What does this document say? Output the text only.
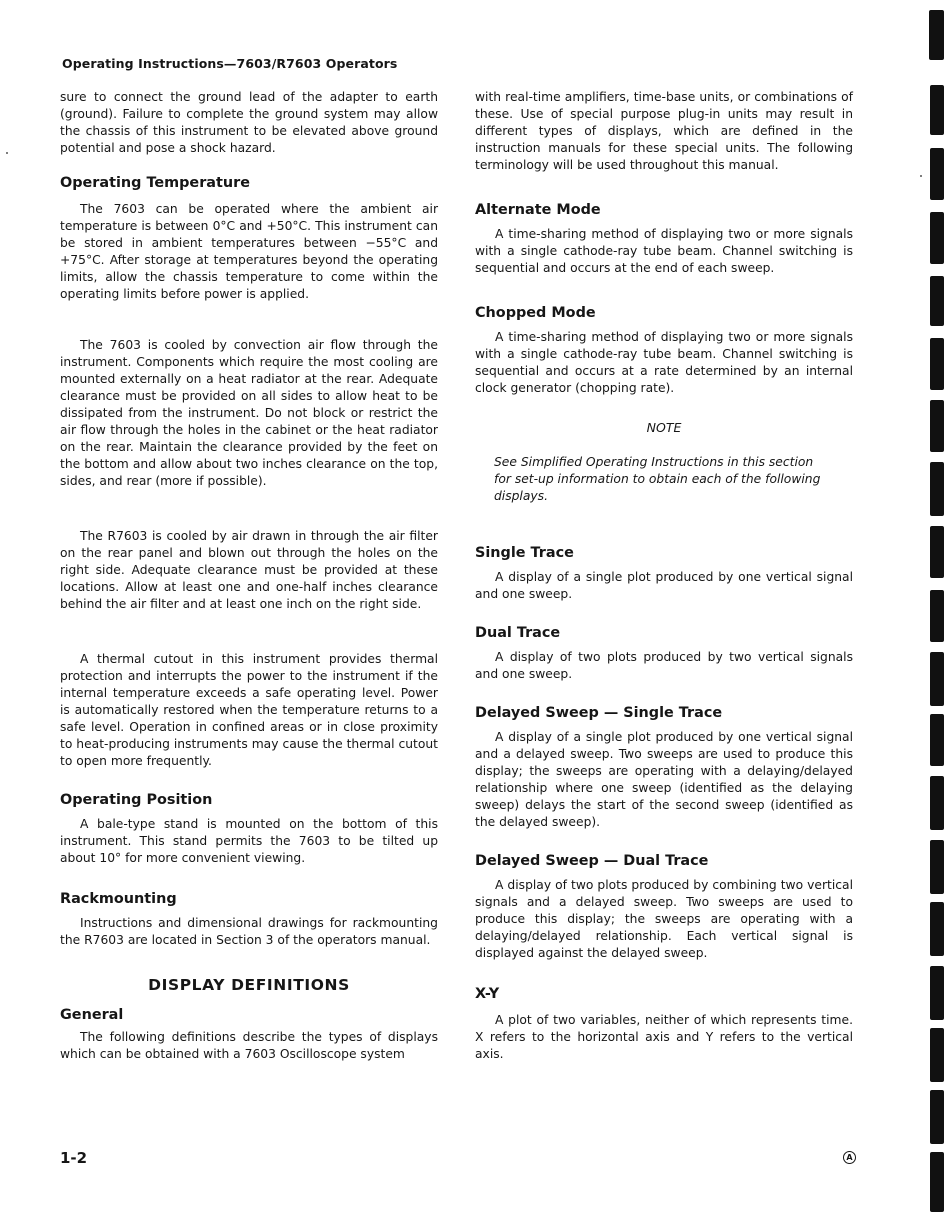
Operating Instructions—7603/R7603 Operators

sure to connect the ground lead of the adapter to earth (ground). Failure to complete the ground system may allow the chassis of this instrument to be elevated above ground potential and pose a shock hazard.

Operating Temperature

The 7603 can be operated where the ambient air temperature is between 0°C and +50°C. This instrument can be stored in ambient temperatures between −55°C and +75°C. After storage at temperatures beyond the operating limits, allow the chassis temperature to come within the operating limits before power is applied.

The 7603 is cooled by convection air flow through the instrument. Components which require the most cooling are mounted externally on a heat radiator at the rear. Adequate clearance must be provided on all sides to allow heat to be dissipated from the instrument. Do not block or restrict the air flow through the holes in the cabinet or the heat radiator on the rear. Maintain the clearance provided by the feet on the bottom and allow about two inches clearance on the top, sides, and rear (more if possible).

The R7603 is cooled by air drawn in through the air filter on the rear panel and blown out through the holes on the right side. Adequate clearance must be provided at these locations. Allow at least one and one-half inches clearance behind the air filter and at least one inch on the right side.

A thermal cutout in this instrument provides thermal protection and interrupts the power to the instrument if the internal temperature exceeds a safe operating level. Power is automatically restored when the temperature returns to a safe level. Operation in confined areas or in close proximity to heat-producing instruments may cause the thermal cutout to open more frequently.

Operating Position

A bale-type stand is mounted on the bottom of this instrument. This stand permits the 7603 to be tilted up about 10° for more convenient viewing.

Rackmounting

Instructions and dimensional drawings for rackmounting the R7603 are located in Section 3 of the operators manual.

DISPLAY DEFINITIONS
General

The following definitions describe the types of displays which can be obtained with a 7603 Oscilloscope system

with real-time amplifiers, time-base units, or combinations of these. Use of special purpose plug-in units may result in different types of displays, which are defined in the instruction manuals for these special units. The following terminology will be used throughout this manual.

Alternate Mode

A time-sharing method of displaying two or more signals with a single cathode-ray tube beam. Channel switching is sequential and occurs at the end of each sweep.

Chopped Mode

A time-sharing method of displaying two or more signals with a single cathode-ray tube beam. Channel switching is sequential and occurs at a rate determined by an internal clock generator (chopping rate).

NOTE
See Simplified Operating Instructions in this section for set-up information to obtain each of the following displays.
Single Trace

A display of a single plot produced by one vertical signal and one sweep.

Dual Trace

A display of two plots produced by two vertical signals and one sweep.

Delayed Sweep — Single Trace

A display of a single plot produced by one vertical signal and a delayed sweep. Two sweeps are used to produce this display; the sweeps are operating with a delaying/delayed relationship where one sweep (identified as the delaying sweep) delays the start of the second sweep (identified as the delayed sweep).

Delayed Sweep — Dual Trace

A display of two plots produced by combining two vertical signals and a delayed sweep. Two sweeps are used to produce this display; the sweeps are operating with a delaying/delayed relationship. Each vertical signal is displayed against the delayed sweep.

X-Y

A plot of two variables, neither of which represents time. X refers to the horizontal axis and Y refers to the vertical axis.

1-2	A
